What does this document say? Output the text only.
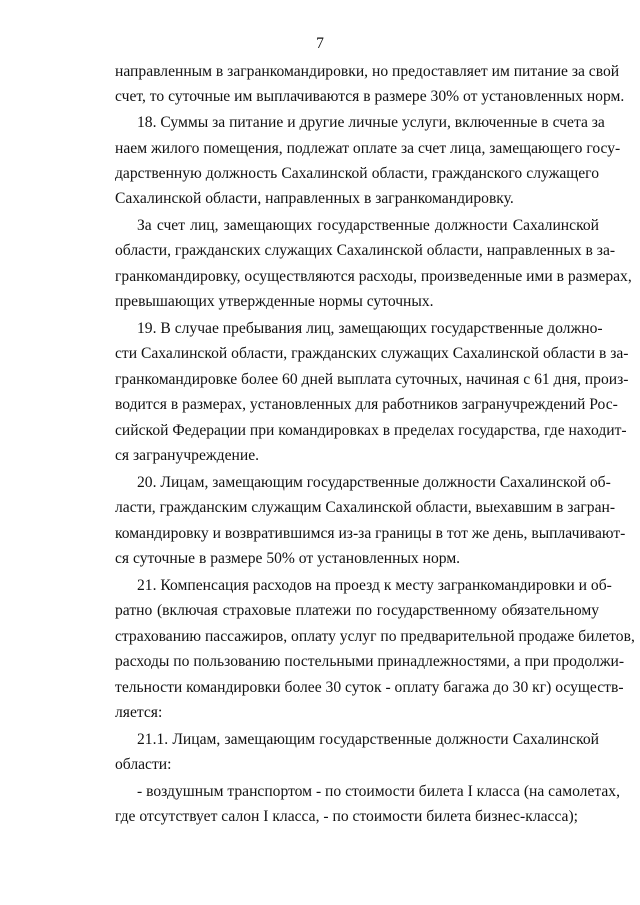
7
направленным в загранкомандировки, но предоставляет им питание за свой
счет, то суточные им выплачиваются в размере 30% от установленных норм.
18. Суммы за питание и другие личные услуги, включенные в счета за
наем жилого помещения, подлежат оплате за счет лица, замещающего госу-
дарственную должность Сахалинской области, гражданского служащего
Сахалинской области, направленных в загранкомандировку.
За счет лиц, замещающих государственные должности Сахалинской
области, гражданских служащих Сахалинской области, направленных в за-
гранкомандировку, осуществляются расходы, произведенные ими в размерах,
превышающих утвержденные нормы суточных.
19. В случае пребывания лиц, замещающих государственные должно-
сти Сахалинской области, гражданских служащих Сахалинской области в за-
гранкомандировке более 60 дней выплата суточных, начиная с 61 дня, произ-
водится в размерах, установленных для работников загранучреждений Рос-
сийской Федерации при командировках в пределах государства, где находит-
ся загранучреждение.
20. Лицам, замещающим государственные должности Сахалинской об-
ласти, гражданским служащим Сахалинской области, выехавшим в загран-
командировку и возвратившимся из-за границы в тот же день, выплачивают-
ся суточные в размере 50% от установленных норм.
21. Компенсация расходов на проезд к месту загранкомандировки и об-
ратно (включая страховые платежи по государственному обязательному
страхованию пассажиров, оплату услуг по предварительной продаже билетов,
расходы по пользованию постельными принадлежностями, а при продолжи-
тельности командировки более 30 суток - оплату багажа до 30 кг) осуществ-
ляется:
21.1. Лицам, замещающим государственные должности Сахалинской
области:
- воздушным транспортом - по стоимости билета I класса (на самолетах,
где отсутствует салон I класса, - по стоимости билета бизнес-класса);
